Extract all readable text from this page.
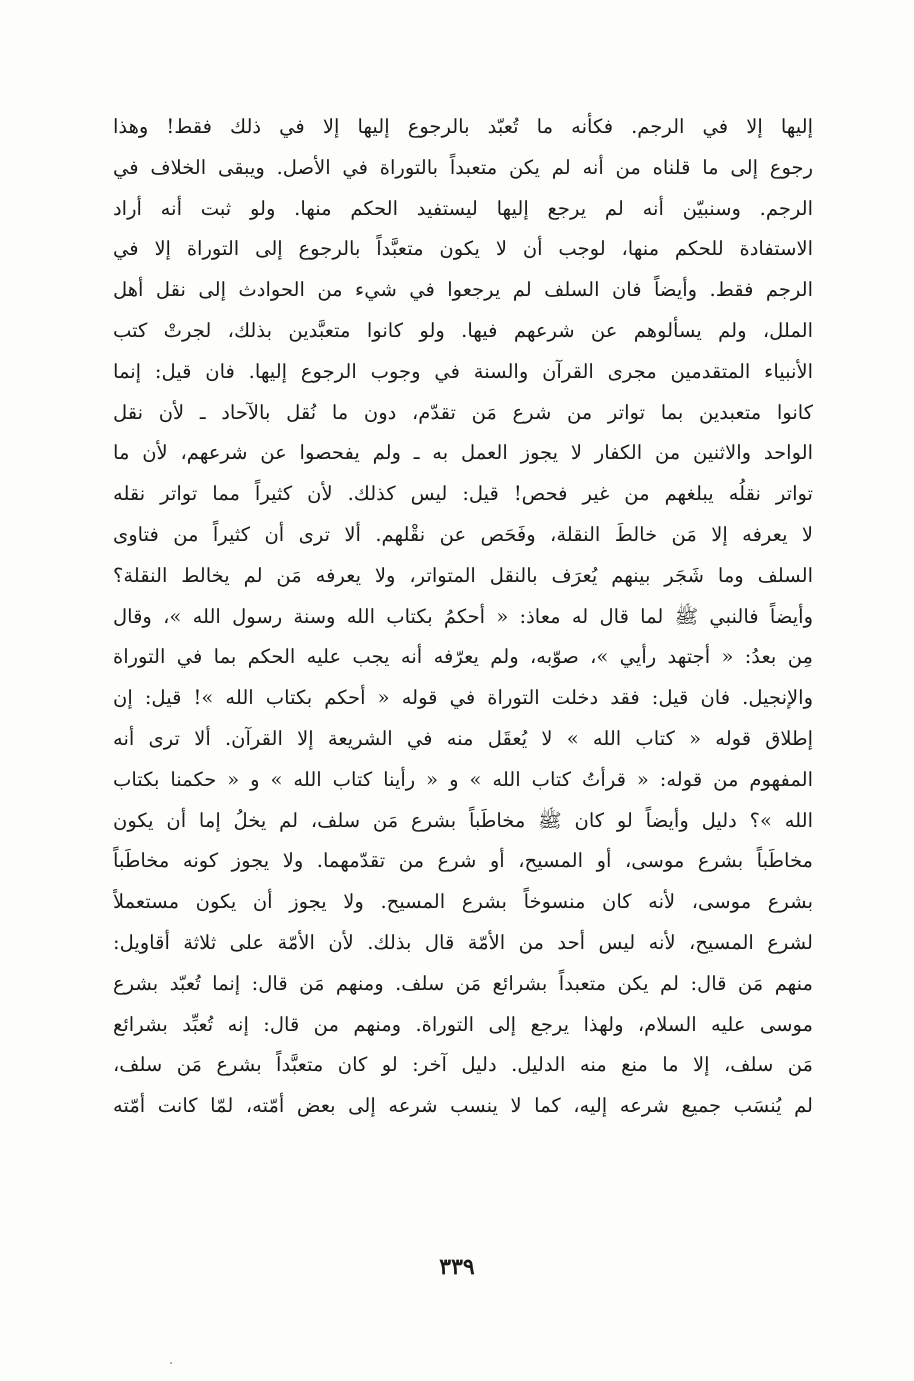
إليها إلا في الرجم. فكأنه ما تُعبّد بالرجوع إليها إلا في ذلك فقط! وهذا
رجوع إلى ما قلناه من أنه لم يكن متعبداً بالتوراة في الأصل. ويبقى الخلاف في
الرجم. وسنبيّن أنه لم يرجع إليها ليستفيد الحكم منها. ولو ثبت أنه أراد
الاستفادة للحكم منها، لوجب أن لا يكون متعبَّداً بالرجوع إلى التوراة إلا في
الرجم فقط. وأيضاً فان السلف لم يرجعوا في شيء من الحوادث إلى نقل أهل
الملل، ولم يسألوهم عن شرعهم فيها. ولو كانوا متعبَّدين بذلك، لجرتْ كتب
الأنبياء المتقدمين مجرى القرآن والسنة في وجوب الرجوع إليها. فان قيل: إنما
كانوا متعبدين بما تواتر من شرع مَن تقدّم، دون ما نُقل بالآحاد ـ لأن نقل
الواحد والاثنين من الكفار لا يجوز العمل به ـ ولم يفحصوا عن شرعهم، لأن ما
تواتر نقلُه يبلغهم من غير فحص! قيل: ليس كذلك. لأن كثيراً مما تواتر نقله
لا يعرفه إلا مَن خالطَ النقلة، وفَحَص عن نقْلهم. ألا ترى أن كثيراً من فتاوى
السلف وما شَجَر بينهم يُعرَف بالنقل المتواتر، ولا يعرفه مَن لم يخالط النقلة؟
وأيضاً فالنبي ﷺ لما قال له معاذ: « أحكمُ بكتاب الله وسنة رسول الله »، وقال
مِن بعدُ: « أجتهد رأيي »، صوّبه، ولم يعرّفه أنه يجب عليه الحكم بما في التوراة
والإنجيل. فان قيل: فقد دخلت التوراة في قوله « أحكم بكتاب الله »! قيل: إن
إطلاق قوله « كتاب الله » لا يُعقَل منه في الشريعة إلا القرآن. ألا ترى أنه
المفهوم من قوله: « قرأتُ كتاب الله » و « رأينا كتاب الله » و « حكمنا بكتاب
الله »؟ دليل وأيضاً لو كان ﷺ مخاطَباً بشرع مَن سلف، لم يخلُ إما أن يكون
مخاطَباً بشرع موسى، أو المسيح، أو شرع من تقدّمهما. ولا يجوز كونه مخاطَباً
بشرع موسى، لأنه كان منسوخاً بشرع المسيح. ولا يجوز أن يكون مستعملاً
لشرع المسيح، لأنه ليس أحد من الأمّة قال بذلك. لأن الأمّة على ثلاثة أقاويل:
منهم مَن قال: لم يكن متعبداً بشرائع مَن سلف. ومنهم مَن قال: إنما تُعبّد بشرع
موسى عليه السلام، ولهذا يرجع إلى التوراة. ومنهم من قال: إنه تُعبِّد بشرائع
مَن سلف، إلا ما منع منه الدليل. دليل آخر: لو كان متعبَّداً بشرع مَن سلف،
لم يُنسَب جميع شرعه إليه، كما لا ينسب شرعه إلى بعض أمّته، لمّا كانت أمّته
٣٣٩
